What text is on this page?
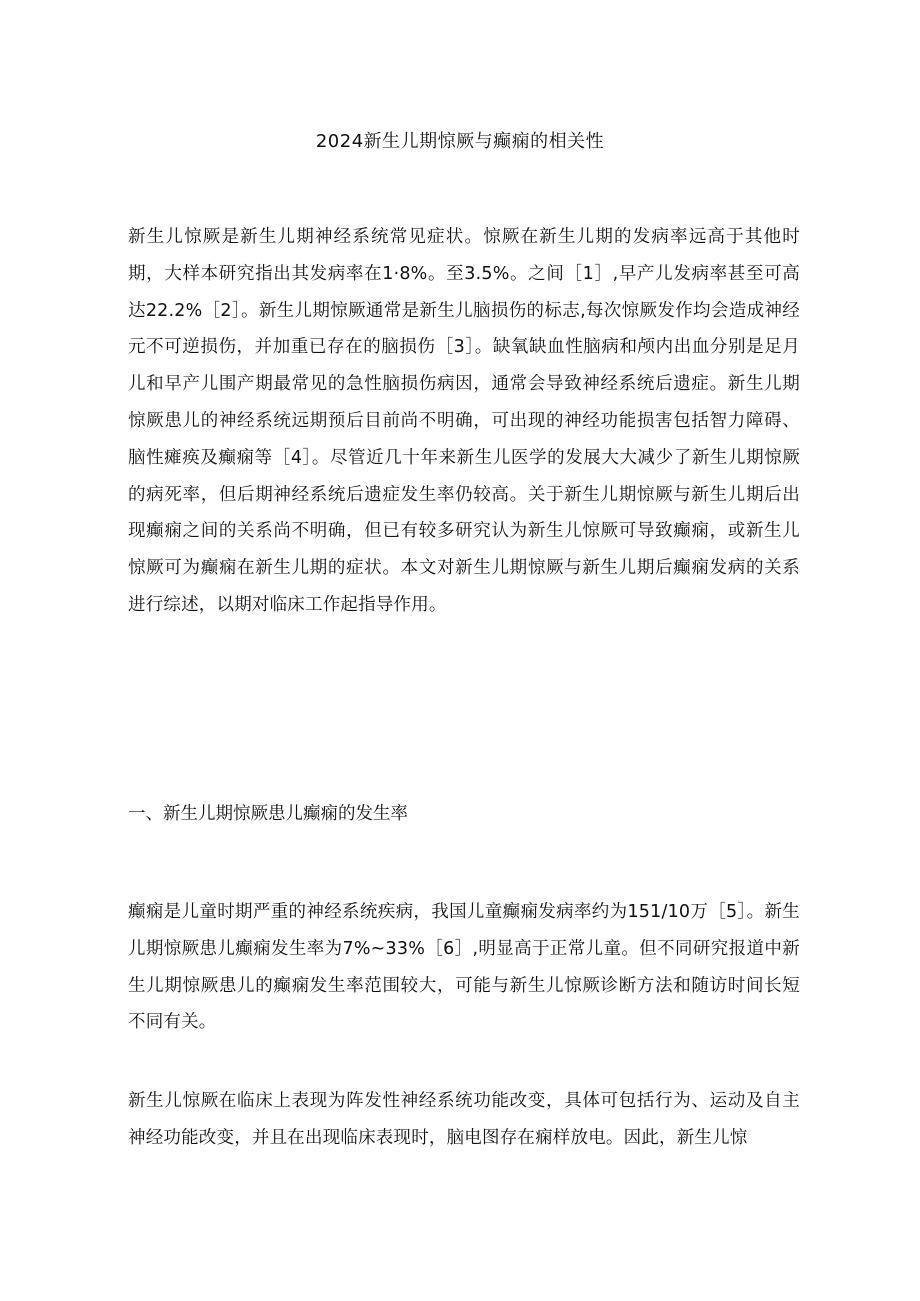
2024新生儿期惊厥与癫痫的相关性

新生儿惊厥是新生儿期神经系统常见症状。惊厥在新生儿期的发病率远高于其他时期，大样本研究指出其发病率在1·8%。至3.5%。之间［1］,早产儿发病率甚至可高达22.2%［2］。新生儿期惊厥通常是新生儿脑损伤的标志,每次惊厥发作均会造成神经元不可逆损伤，并加重已存在的脑损伤［3］。缺氧缺血性脑病和颅内出血分别是足月儿和早产儿围产期最常见的急性脑损伤病因，通常会导致神经系统后遗症。新生儿期惊厥患儿的神经系统远期预后目前尚不明确，可出现的神经功能损害包括智力障碍、脑性瘫痪及癫痫等［4］。尽管近几十年来新生儿医学的发展大大减少了新生儿期惊厥的病死率，但后期神经系统后遗症发生率仍较高。关于新生儿期惊厥与新生儿期后出现癫痫之间的关系尚不明确，但已有较多研究认为新生儿惊厥可导致癫痫，或新生儿惊厥可为癫痫在新生儿期的症状。本文对新生儿期惊厥与新生儿期后癫痫发病的关系进行综述，以期对临床工作起指导作用。

一、新生儿期惊厥患儿癫痫的发生率

癫痫是儿童时期严重的神经系统疾病，我国儿童癫痫发病率约为151/10万［5］。新生儿期惊厥患儿癫痫发生率为7%~33%［6］,明显高于正常儿童。但不同研究报道中新生儿期惊厥患儿的癫痫发生率范围较大，可能与新生儿惊厥诊断方法和随访时间长短不同有关。

新生儿惊厥在临床上表现为阵发性神经系统功能改变，具体可包括行为、运动及自主神经功能改变，并且在出现临床表现时，脑电图存在痫样放电。因此，新生儿惊
